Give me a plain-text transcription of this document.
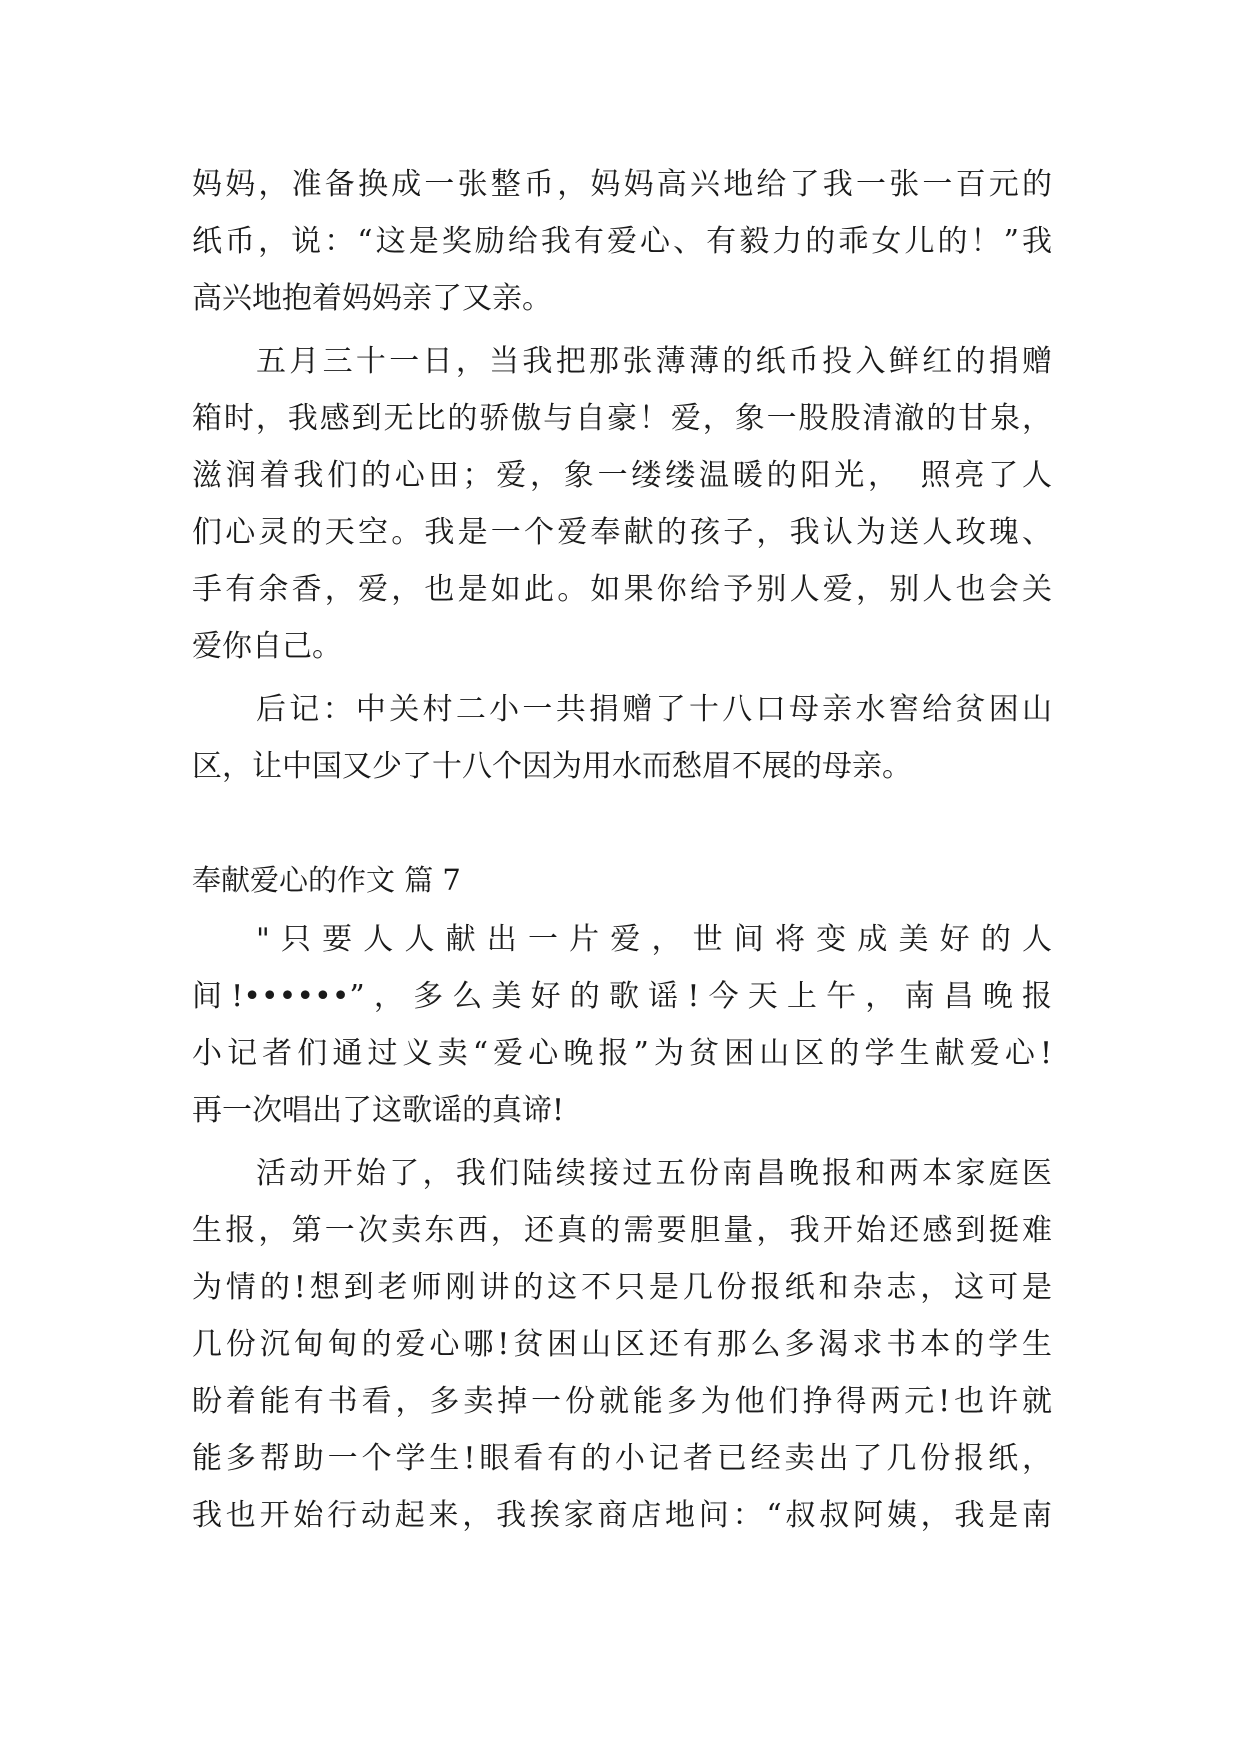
妈妈，准备换成一张整币，妈妈高兴地给了我一张一百元的
纸币，说：“这是奖励给我有爱心、有毅力的乖女儿的！”我
高兴地抱着妈妈亲了又亲。
五月三十一日，当我把那张薄薄的纸币投入鲜红的捐赠
箱时，我感到无比的骄傲与自豪！爱，象一股股清澈的甘泉，
滋润着我们的心田；爱，象一缕缕温暖的阳光，　照亮了人
们心灵的天空。我是一个爱奉献的孩子，我认为送人玫瑰、
手有余香，爱，也是如此。如果你给予别人爱，别人也会关
爱你自己。
后记：中关村二小一共捐赠了十八口母亲水窖给贫困山
区，让中国又少了十八个因为用水而愁眉不展的母亲。
奉献爱心的作文 篇 7
"只要人人献出一片爱，世间将变成美好的人
间!••••••”，多么美好的歌谣!今天上午，南昌晚报
小记者们通过义卖“爱心晚报”为贫困山区的学生献爱心!
再一次唱出了这歌谣的真谛!
活动开始了，我们陆续接过五份南昌晚报和两本家庭医
生报，第一次卖东西，还真的需要胆量，我开始还感到挺难
为情的!想到老师刚讲的这不只是几份报纸和杂志，这可是
几份沉甸甸的爱心哪!贫困山区还有那么多渴求书本的学生
盼着能有书看，多卖掉一份就能多为他们挣得两元!也许就
能多帮助一个学生!眼看有的小记者已经卖出了几份报纸，
我也开始行动起来，我挨家商店地问：“叔叔阿姨，我是南
